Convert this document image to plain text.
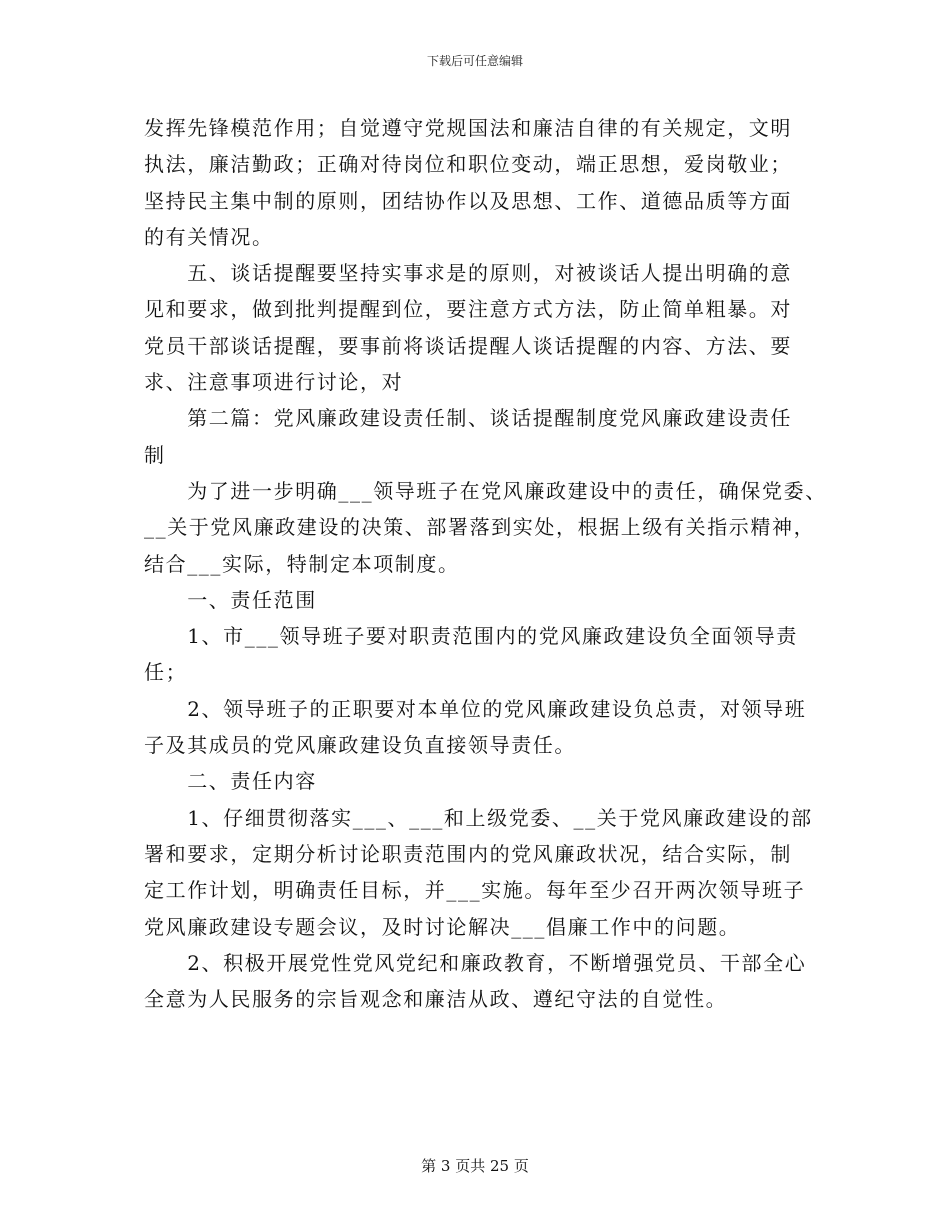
下载后可任意编辑
发挥先锋模范作用；自觉遵守党规国法和廉洁自律的有关规定，文明
执法，廉洁勤政；正确对待岗位和职位变动，端正思想，爱岗敬业；
坚持民主集中制的原则，团结协作以及思想、工作、道德品质等方面
的有关情况。
　　五、谈话提醒要坚持实事求是的原则，对被谈话人提出明确的意
见和要求，做到批判提醒到位，要注意方式方法，防止简单粗暴。对
党员干部谈话提醒，要事前将谈话提醒人谈话提醒的内容、方法、要
求、注意事项进行讨论，对
　　第二篇：党风廉政建设责任制、谈话提醒制度党风廉政建设责任
制
　　为了进一步明确___领导班子在党风廉政建设中的责任，确保党委、
__关于党风廉政建设的决策、部署落到实处，根据上级有关指示精神，
结合___实际，特制定本项制度。
　　一、责任范围
　　1、市___领导班子要对职责范围内的党风廉政建设负全面领导责
任；
　　2、领导班子的正职要对本单位的党风廉政建设负总责，对领导班
子及其成员的党风廉政建设负直接领导责任。
　　二、责任内容
　　1、仔细贯彻落实___、___和上级党委、__关于党风廉政建设的部
署和要求，定期分析讨论职责范围内的党风廉政状况，结合实际，制
定工作计划，明确责任目标，并___实施。每年至少召开两次领导班子
党风廉政建设专题会议，及时讨论解决___倡廉工作中的问题。
　　2、积极开展党性党风党纪和廉政教育，不断增强党员、干部全心
全意为人民服务的宗旨观念和廉洁从政、遵纪守法的自觉性。
第 3 页共 25 页
